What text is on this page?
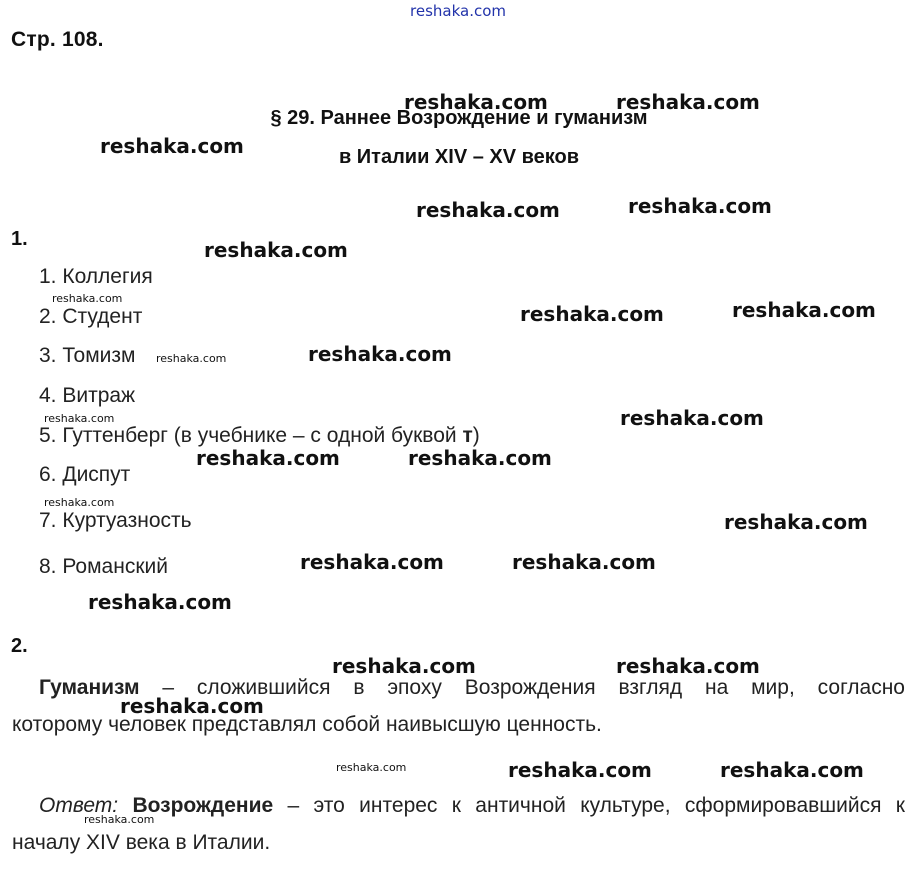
reshaka.com
Стр. 108.
§ 29. Раннее Возрождение и гуманизм
в Италии XIV – XV веков
1.
1. Коллегия
2. Студент
3. Томизм
4. Витраж
5. Гуттенберг (в учебнике – с одной буквой т)
6. Диспут
7. Куртуазность
8. Романский
2.
Гуманизм – сложившийся в эпоху Возрождения взгляд на мир, согласно
которому человек представлял собой наивысшую ценность.
Ответ: Возрождение – это интерес к античной культуре, сформировавшийся к
началу XIV века в Италии.
reshaka.com	reshaka.com
reshaka.com
reshaka.com	reshaka.com
reshaka.com
reshaka.com	reshaka.com
reshaka.com
reshaka.com
reshaka.com	reshaka.com
reshaka.com
reshaka.com	reshaka.com
reshaka.com
reshaka.com	reshaka.com
reshaka.com
reshaka.com	reshaka.com
reshaka.com
reshaka.com
reshaka.com
reshaka.com
reshaka.com
reshaka.com
